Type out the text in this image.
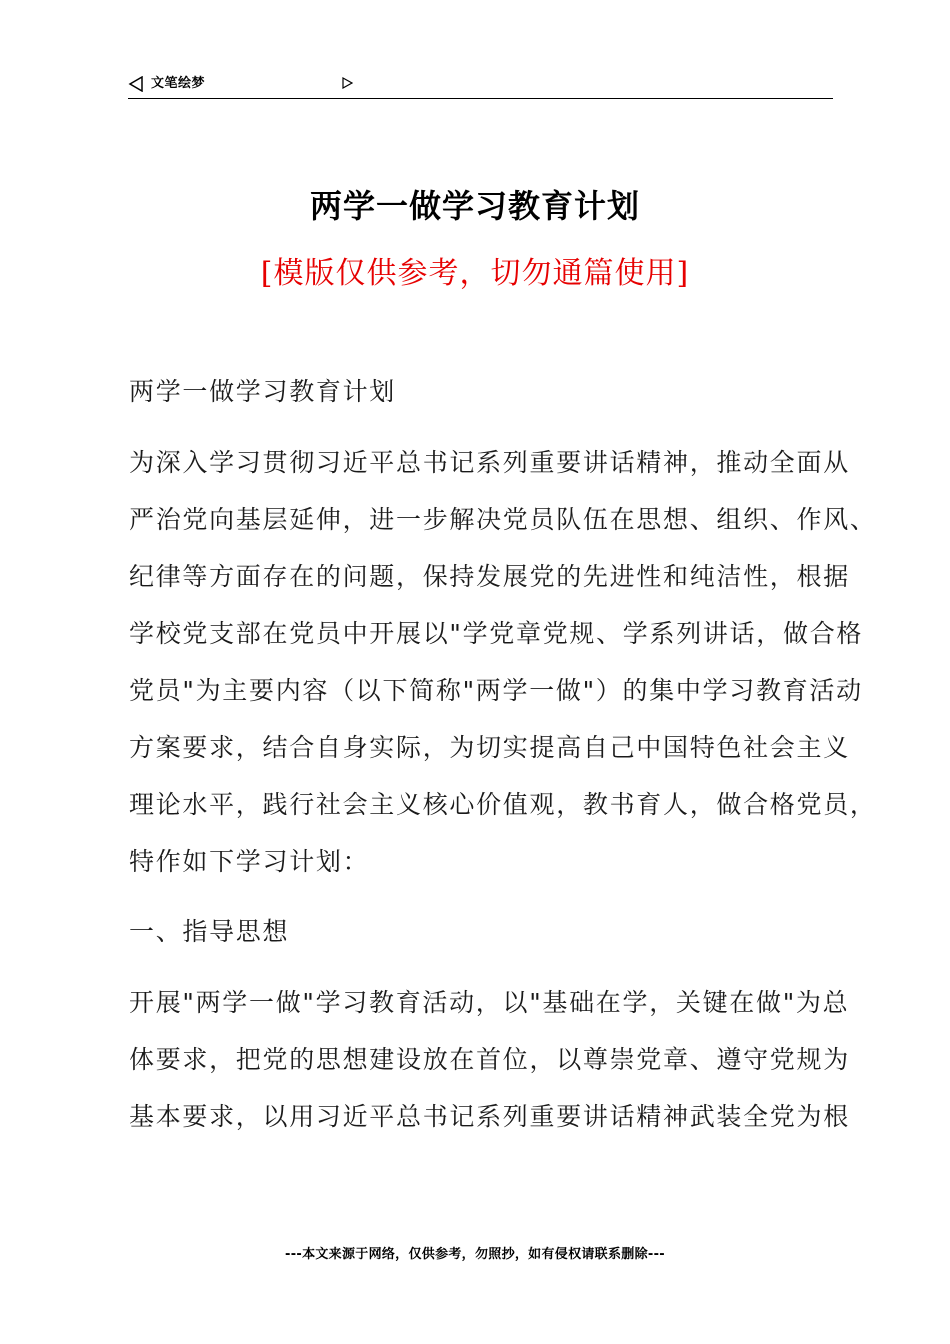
文笔绘梦
两学一做学习教育计划
[模版仅供参考，切勿通篇使用]
两学一做学习教育计划
为深入学习贯彻习近平总书记系列重要讲话精神，推动全面从
严治党向基层延伸，进一步解决党员队伍在思想、组织、作风、
纪律等方面存在的问题，保持发展党的先进性和纯洁性，根据
学校党支部在党员中开展以"学党章党规、学系列讲话，做合格
党员"为主要内容（以下简称"两学一做"）的集中学习教育活动
方案要求，结合自身实际，为切实提高自己中国特色社会主义
理论水平，践行社会主义核心价值观，教书育人，做合格党员，
特作如下学习计划：
一、指导思想
开展"两学一做"学习教育活动，以"基础在学，关键在做"为总
体要求，把党的思想建设放在首位，以尊崇党章、遵守党规为
基本要求，以用习近平总书记系列重要讲话精神武装全党为根
---本文来源于网络，仅供参考，勿照抄，如有侵权请联系删除---
